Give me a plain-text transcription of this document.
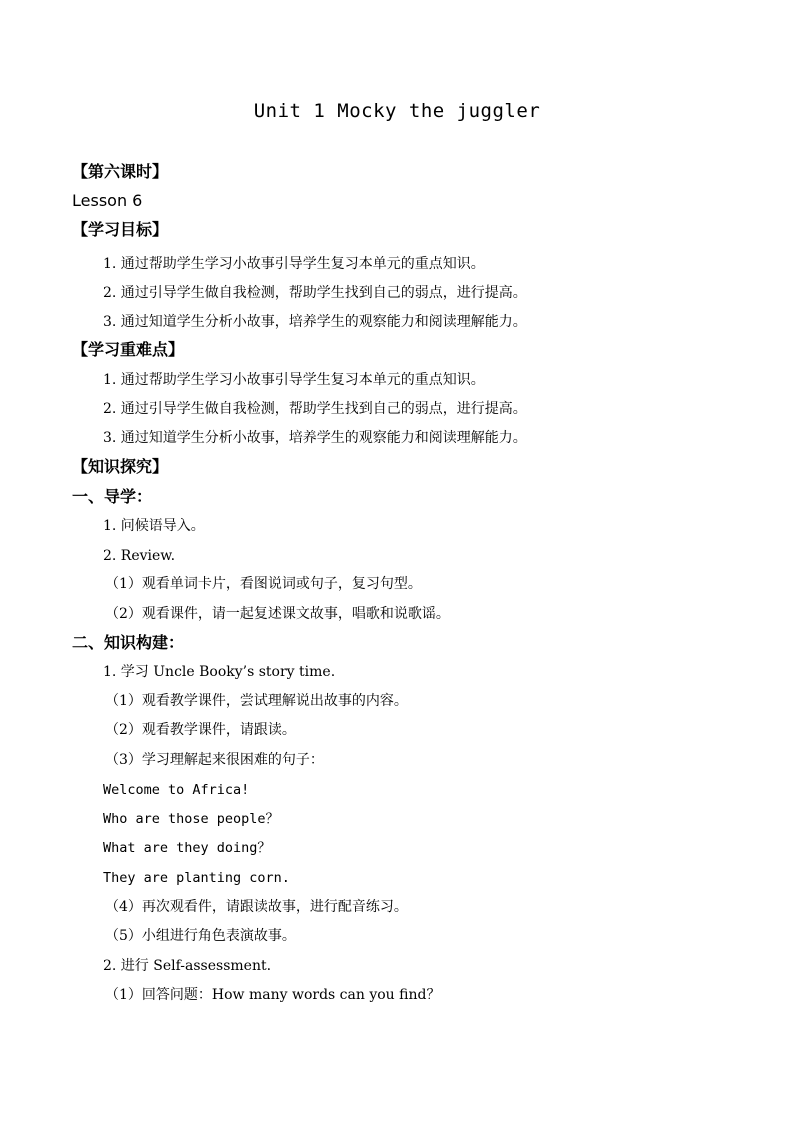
Unit 1 Mocky the juggler
【第六课时】
Lesson 6
【学习目标】
1. 通过帮助学生学习小故事引导学生复习本单元的重点知识。
2. 通过引导学生做自我检测，帮助学生找到自己的弱点，进行提高。
3. 通过知道学生分析小故事，培养学生的观察能力和阅读理解能力。
【学习重难点】
1. 通过帮助学生学习小故事引导学生复习本单元的重点知识。
2. 通过引导学生做自我检测，帮助学生找到自己的弱点，进行提高。
3. 通过知道学生分析小故事，培养学生的观察能力和阅读理解能力。
【知识探究】
一、导学：
1. 问候语导入。
2. Review.
（1）观看单词卡片，看图说词或句子，复习句型。
（2）观看课件，请一起复述课文故事，唱歌和说歌谣。
二、知识构建：
1. 学习 Uncle Booky’s story time.
（1）观看教学课件，尝试理解说出故事的内容。
（2）观看教学课件，请跟读。
（3）学习理解起来很困难的句子：
Welcome to Africa!
Who are those people？
What are they doing？
They are planting corn.
（4）再次观看件，请跟读故事，进行配音练习。
（5）小组进行角色表演故事。
2. 进行 Self-assessment.
（1）回答问题：How many words can you find？
